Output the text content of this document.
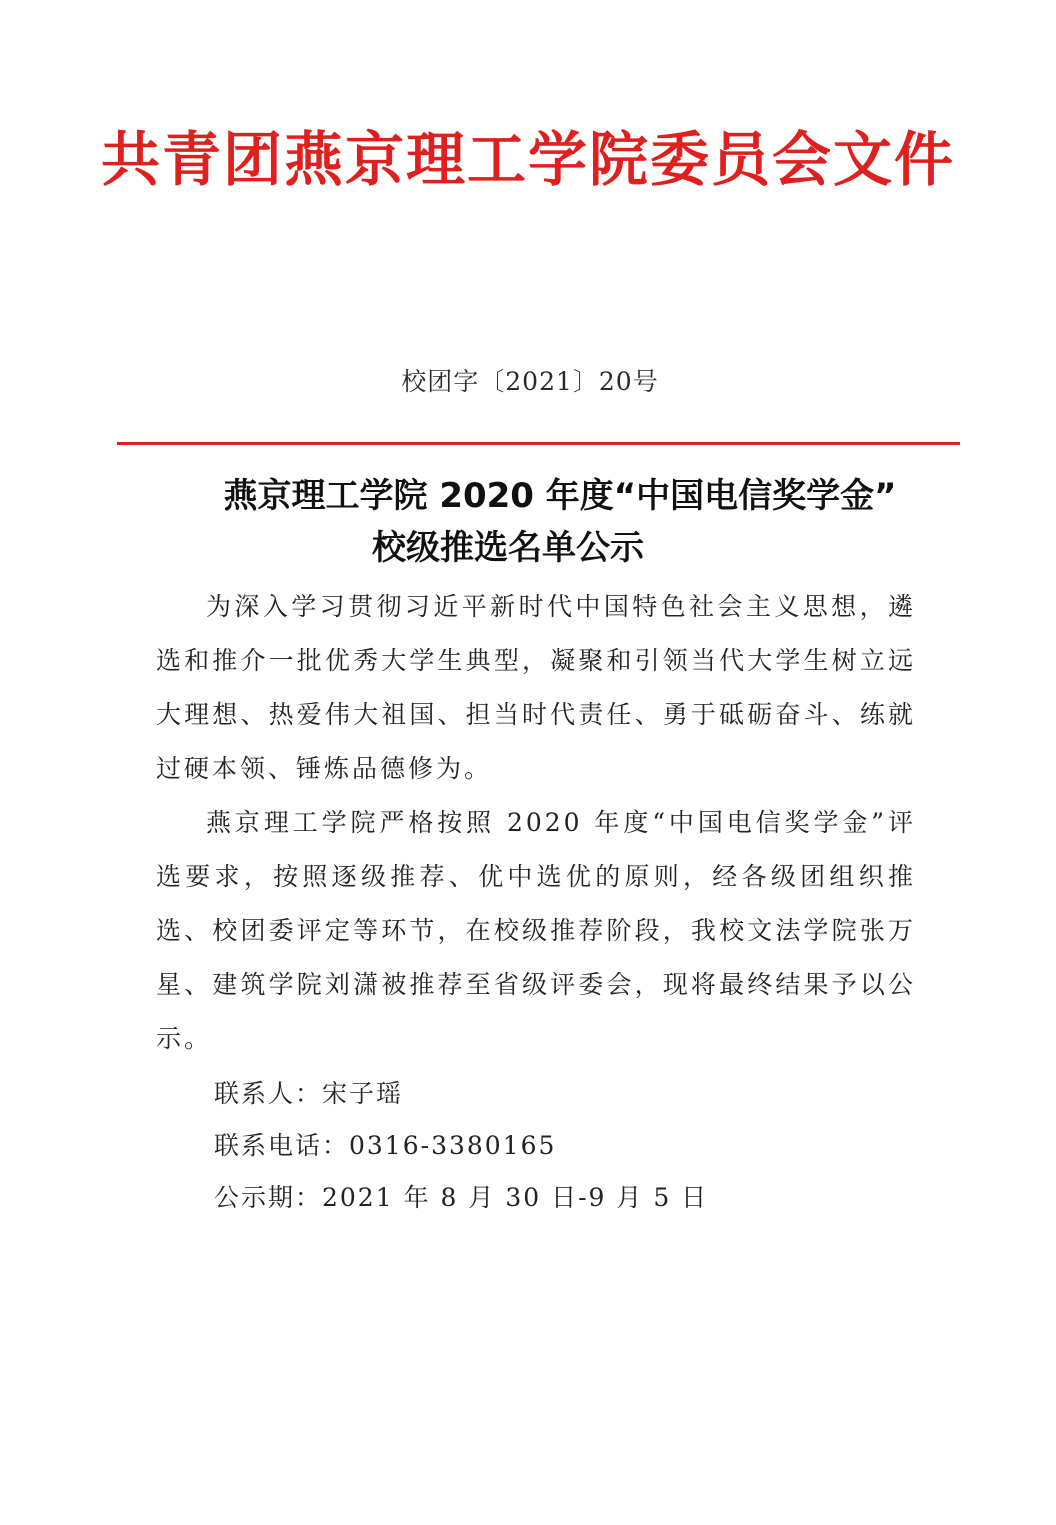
共青团燕京理工学院委员会文件
校团字〔2021〕20号
燕京理工学院 2020 年度“中国电信奖学金”
校级推选名单公示

为深入学习贯彻习近平新时代中国特色社会主义思想，遴选和推介一批优秀大学生典型，凝聚和引领当代大学生树立远大理想、热爱伟大祖国、担当时代责任、勇于砥砺奋斗、练就过硬本领、锤炼品德修为。

燕京理工学院严格按照 2020 年度“中国电信奖学金”评选要求，按照逐级推荐、优中选优的原则，经各级团组织推选、校团委评定等环节，在校级推荐阶段，我校文法学院张万星、建筑学院刘潇被推荐至省级评委会，现将最终结果予以公示。

联系人：宋子瑶
联系电话：0316-3380165
公示期：2021 年 8 月 30 日-9 月 5 日
